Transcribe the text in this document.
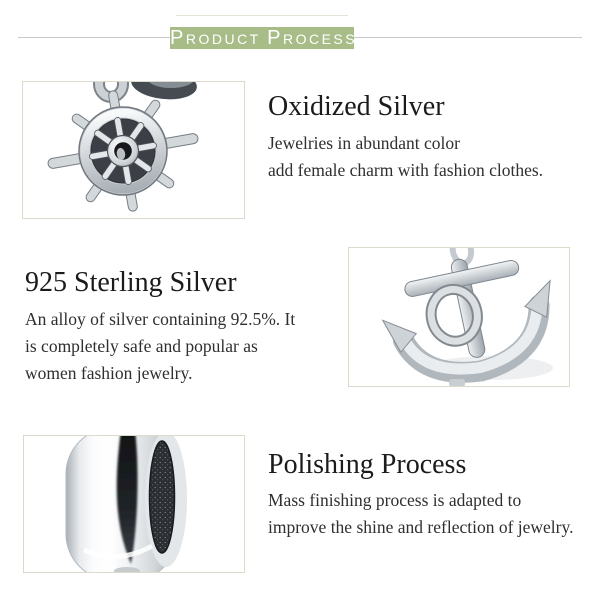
PRODUCT PROCESS
Oxidized Silver
Jewelries in abundant color
add female charm with fashion clothes.
925 Sterling Silver
An alloy of silver containing 92.5%. It
is completely safe and popular as
women fashion jewelry.
Polishing Process
Mass finishing process is adapted to
improve the shine and reflection of jewelry.
